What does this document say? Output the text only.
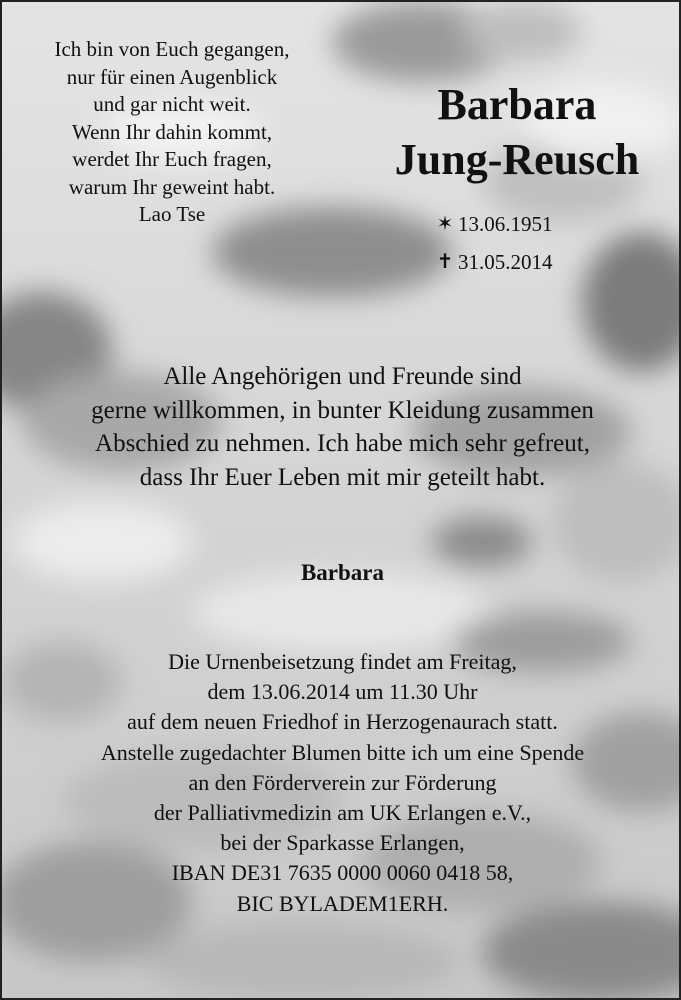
Ich bin von Euch gegangen,
nur für einen Augenblick
und gar nicht weit.
Wenn Ihr dahin kommt,
werdet Ihr Euch fragen,
warum Ihr geweint habt.
Lao Tse

Barbara
Jung-Reusch
✶ 13.06.1951
✝ 31.05.2014

Alle Angehörigen und Freunde sind
gerne willkommen, in bunter Kleidung zusammen
Abschied zu nehmen. Ich habe mich sehr gefreut,
dass Ihr Euer Leben mit mir geteilt habt.

Barbara

Die Urnenbeisetzung findet am Freitag,
dem 13.06.2014 um 11.30 Uhr
auf dem neuen Friedhof in Herzogenaurach statt.
Anstelle zugedachter Blumen bitte ich um eine Spende
an den Förderverein zur Förderung
der Palliativmedizin am UK Erlangen e.V.,
bei der Sparkasse Erlangen,
IBAN DE31 7635 0000 0060 0418 58,
BIC BYLADEM1ERH.
